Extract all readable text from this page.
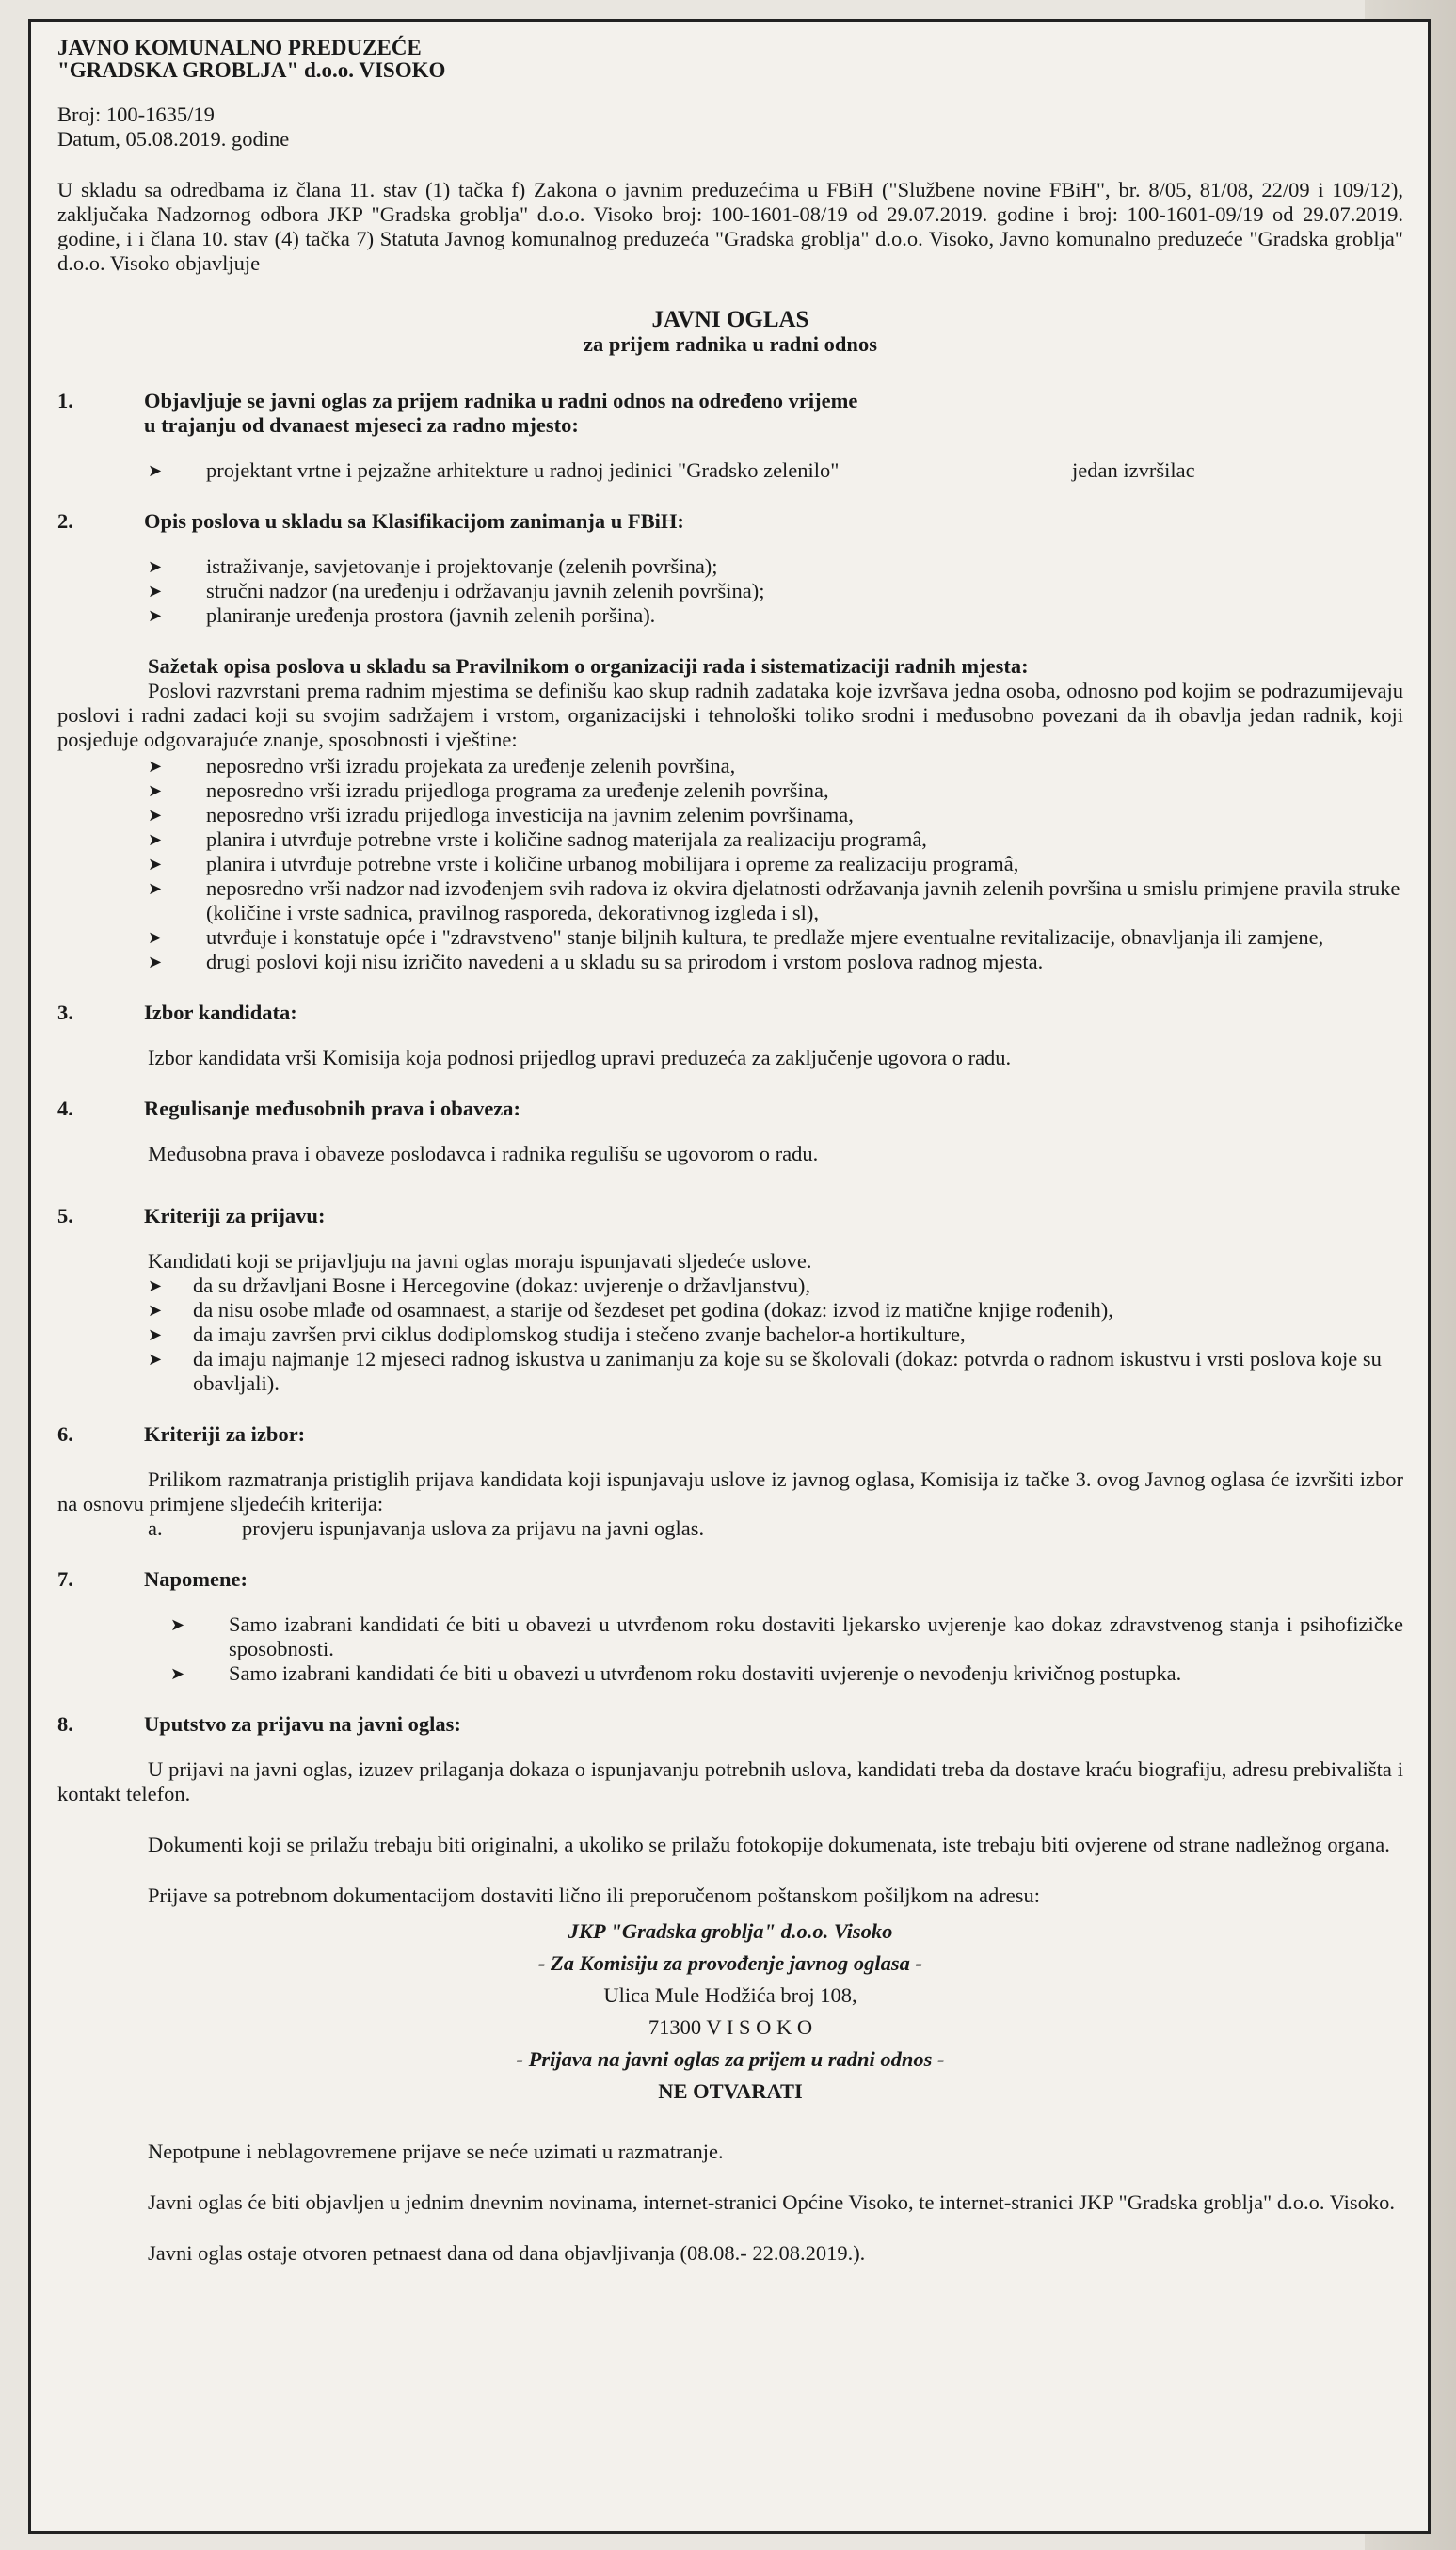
JAVNO KOMUNALNO PREDUZEĆE

"GRADSKA GROBLJA" d.o.o. VISOKO

Broj: 100-1635/19

Datum, 05.08.2019. godine

U skladu sa odredbama iz člana 11. stav (1) tačka f) Zakona o javnim preduzećima u FBiH ("Službene novine FBiH", br. 8/05, 81/08, 22/09 i 109/12), zaključaka Nadzornog odbora JKP "Gradska groblja" d.o.o. Visoko broj: 100-1601-08/19 od 29.07.2019. godine i broj: 100-1601-09/19 od 29.07.2019. godine, i i člana 10. stav (4) tačka 7) Statuta Javnog komunalnog preduzeća "Gradska groblja" d.o.o. Visoko, Javno komunalno preduzeće "Gradska groblja" d.o.o. Visoko objavljuje

JAVNI OGLAS

za prijem radnika u radni odnos

1.	Objavljuje se javni oglas za prijem radnika u radni odnos na određeno vrijeme
u trajanju od dvanaest mjeseci za radno mjesto:
➤	projektant vrtne i pejzažne arhitekture u radnoj jedinici "Gradsko zelenilo"	jedan izvršilac
2.	Opis poslova u skladu sa Klasifikacijom zanimanja u FBiH:
➤	istraživanje, savjetovanje i projektovanje (zelenih površina);
➤	stručni nadzor (na uređenju i održavanju javnih zelenih površina);
➤	planiranje uređenja prostora (javnih zelenih poršina).

Sažetak opisa poslova u skladu sa Pravilnikom o organizaciji rada i sistematizaciji radnih mjesta:

Poslovi razvrstani prema radnim mjestima se definišu kao skup radnih zadataka koje izvršava jedna osoba, odnosno pod kojim se podrazumijevaju poslovi i radni zadaci koji su svojim sadržajem i vrstom, organizacijski i tehnološki toliko srodni i međusobno povezani da ih obavlja jedan radnik, koji posjeduje odgovarajuće znanje, sposobnosti i vještine:

➤	neposredno vrši izradu projekata za uređenje zelenih površina,
➤	neposredno vrši izradu prijedloga programa za uređenje zelenih površina,
➤	neposredno vrši izradu prijedloga investicija na javnim zelenim površinama,
➤	planira i utvrđuje potrebne vrste i količine sadnog materijala za realizaciju programâ,
➤	planira i utvrđuje potrebne vrste i količine urbanog mobilijara i opreme za realizaciju programâ,
➤	neposredno vrši nadzor nad izvođenjem svih radova iz okvira djelatnosti održavanja javnih zelenih površina u smislu primjene pravila struke (količine i vrste sadnica, pravilnog rasporeda, dekorativnog izgleda i sl),
➤	utvrđuje i konstatuje opće i "zdravstveno" stanje biljnih kultura, te predlaže mjere eventualne revitalizacije, obnavljanja ili zamjene,
➤	drugi poslovi koji nisu izričito navedeni a u skladu su sa prirodom i vrstom poslova radnog mjesta.
3.	Izbor kandidata:

Izbor kandidata vrši Komisija koja podnosi prijedlog upravi preduzeća za zaključenje ugovora o radu.

4.	Regulisanje međusobnih prava i obaveza:

Međusobna prava i obaveze poslodavca i radnika regulišu se ugovorom o radu.

5.	Kriteriji za prijavu:

Kandidati koji se prijavljuju na javni oglas moraju ispunjavati sljedeće uslove.

➤	da su državljani Bosne i Hercegovine (dokaz: uvjerenje o državljanstvu),
➤	da nisu osobe mlađe od osamnaest, a starije od šezdeset pet godina (dokaz: izvod iz matične knjige rođenih),
➤	da imaju završen prvi ciklus dodiplomskog studija i stečeno zvanje bachelor-a hortikulture,
➤	da imaju najmanje 12 mjeseci radnog iskustva u zanimanju za koje su se školovali (dokaz: potvrda o radnom iskustvu i vrsti poslova koje su obavljali).
6.	Kriteriji za izbor:

Prilikom razmatranja pristiglih prijava kandidata koji ispunjavaju uslove iz javnog oglasa, Komisija iz tačke 3. ovog Javnog oglasa će izvršiti izbor na osnovu primjene sljedećih kriterija:

a.	provjeru ispunjavanja uslova za prijavu na javni oglas.
7.	Napomene:
➤	Samo izabrani kandidati će biti u obavezi u utvrđenom roku dostaviti ljekarsko uvjerenje kao dokaz zdravstvenog stanja i psihofizičke sposobnosti.
➤	Samo izabrani kandidati će biti u obavezi u utvrđenom roku dostaviti uvjerenje o nevođenju krivičnog postupka.
8.	Uputstvo za prijavu na javni oglas:

U prijavi na javni oglas, izuzev prilaganja dokaza o ispunjavanju potrebnih uslova, kandidati treba da dostave kraću biografiju, adresu prebivališta i kontakt telefon.

Dokumenti koji se prilažu trebaju biti originalni, a ukoliko se prilažu fotokopije dokumenata, iste trebaju biti ovjerene od strane nadležnog organa.

Prijave sa potrebnom dokumentacijom dostaviti lično ili preporučenom poštanskom pošiljkom na adresu:

JKP "Gradska groblja" d.o.o. Visoko

- Za Komisiju za provođenje javnog oglasa -

Ulica Mule Hodžića broj 108,

71300 V I S O K O

- Prijava na javni oglas za prijem u radni odnos -

NE OTVARATI

Nepotpune i neblagovremene prijave se neće uzimati u razmatranje.

Javni oglas će biti objavljen u jednim dnevnim novinama, internet-stranici Općine Visoko, te internet-stranici JKP "Gradska groblja" d.o.o. Visoko.

Javni oglas ostaje otvoren petnaest dana od dana objavljivanja (08.08.- 22.08.2019.).
